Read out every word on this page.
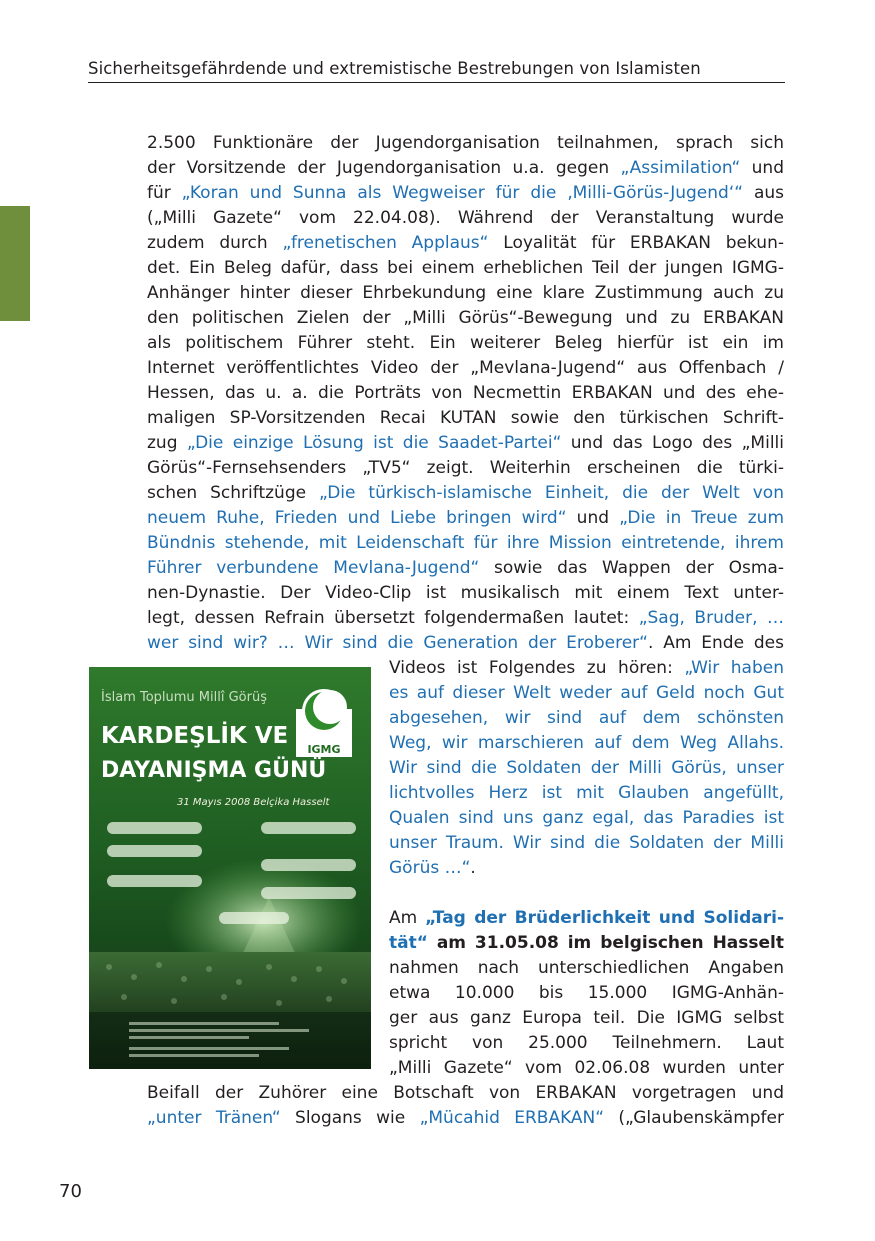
Sicherheitsgefährdende und extremistische Bestrebungen von Islamisten
2.500 Funktionäre der Jugendorganisation teilnahmen, sprach sich
der Vorsitzende der Jugendorganisation u.a. gegen „Assimilation“ und
für „Koran und Sunna als Wegweiser für die ‚Milli-Görüs-Jugend‘“ aus
(„Milli Gazete“ vom 22.04.08). Während der Veranstaltung wurde
zudem durch „frenetischen Applaus“ Loyalität für ERBAKAN bekun-
det. Ein Beleg dafür, dass bei einem erheblichen Teil der jungen IGMG-
Anhänger hinter dieser Ehrbekundung eine klare Zustimmung auch zu
den politischen Zielen der „Milli Görüs“-Bewegung und zu ERBAKAN
als politischem Führer steht. Ein weiterer Beleg hierfür ist ein im
Internet veröffentlichtes Video der „Mevlana-Jugend“ aus Offenbach /
Hessen, das u. a. die Porträts von Necmettin ERBAKAN und des ehe-
maligen SP-Vorsitzenden Recai KUTAN sowie den türkischen Schrift-
zug „Die einzige Lösung ist die Saadet-Partei“ und das Logo des „Milli
Görüs“-Fernsehsenders „TV5“ zeigt. Weiterhin erscheinen die türki-
schen Schriftzüge „Die türkisch-islamische Einheit, die der Welt von
neuem Ruhe, Frieden und Liebe bringen wird“ und „Die in Treue zum
Bündnis stehende, mit Leidenschaft für ihre Mission eintretende, ihrem
Führer verbundene Mevlana-Jugend“ sowie das Wappen der Osma-
nen-Dynastie. Der Video-Clip ist musikalisch mit einem Text unter-
legt, dessen Refrain übersetzt folgendermaßen lautet: „Sag, Bruder, …
wer sind wir? … Wir sind die Generation der Eroberer“. Am Ende des
Videos ist Folgendes zu hören: „Wir haben
es auf dieser Welt weder auf Geld noch Gut
abgesehen, wir sind auf dem schönsten
Weg, wir marschieren auf dem Weg Allahs.
Wir sind die Soldaten der Milli Görüs, unser
lichtvolles Herz ist mit Glauben angefüllt,
Qualen sind uns ganz egal, das Paradies ist
unser Traum. Wir sind die Soldaten der Milli
Görüs …“.
Am „Tag der Brüderlichkeit und Solidari-
tät“ am 31.05.08 im belgischen Hasselt
nahmen nach unterschiedlichen Angaben
etwa 10.000 bis 15.000 IGMG-Anhän-
ger aus ganz Europa teil. Die IGMG selbst
spricht von 25.000 Teilnehmern. Laut
„Milli Gazete“ vom 02.06.08 wurden unter
Beifall der Zuhörer eine Botschaft von ERBAKAN vorgetragen und
„unter Tränen“ Slogans wie „Mücahid ERBAKAN“ („Glaubenskämpfer
IGMG
İslam Toplumu Millî Görüş
KARDEŞLİK VE
DAYANIŞMA GÜNÜ
31 Mayıs 2008 Belçika Hasselt
70
